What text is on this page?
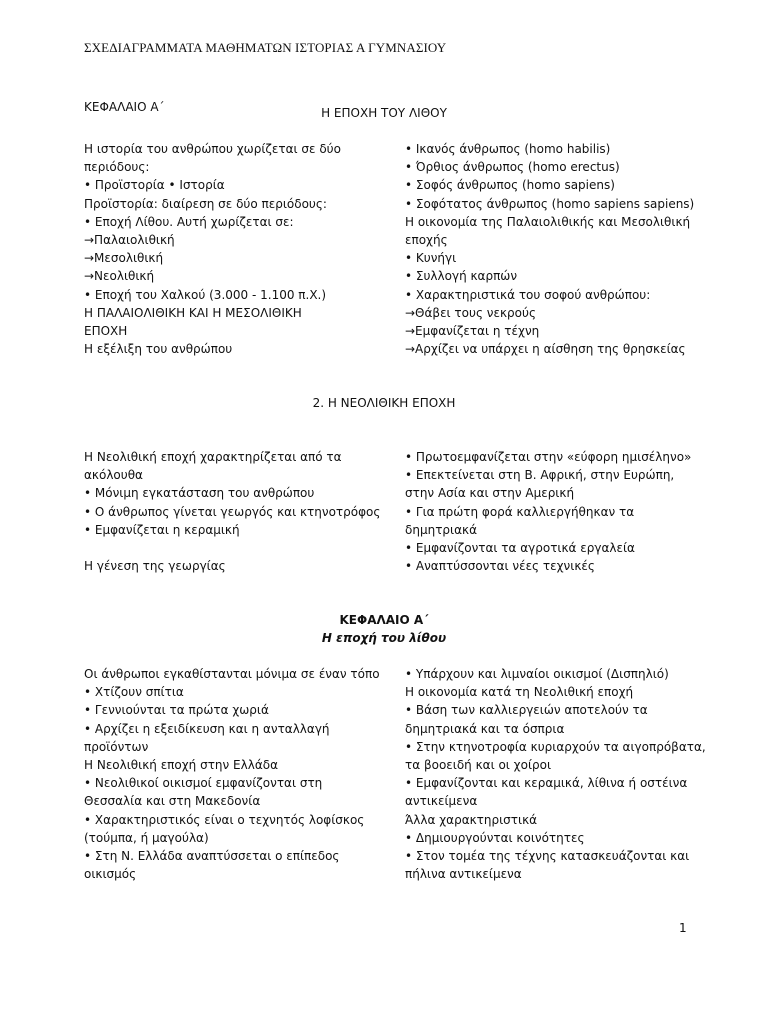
ΣΧΕΔΙΑΓΡΑΜΜΑΤΑ ΜΑΘΗΜΑΤΩΝ ΙΣΤΟΡΙΑΣ Α ΓΥΜΝΑΣΙΟΥ
ΚΕΦΑΛΑΙΟ Α΄	Η ΕΠΟΧΗ ΤΟΥ ΛΙΘΟΥ
Η ιστορία του ανθρώπου χωρίζεται σε δύο
περιόδους:
• Προϊστορία • Ιστορία
Προϊστορία: διαίρεση σε δύο περιόδους:
• Εποχή Λίθου. Αυτή χωρίζεται σε:
→Παλαιολιθική
→Μεσολιθική
→Νεολιθική
• Εποχή του Χαλκού (3.000 - 1.100 π.Χ.)
Η ΠΑΛΑΙΟΛΙΘΙΚΗ ΚΑΙ Η ΜΕΣΟΛΙΘΙΚΗ
ΕΠΟΧΗ
Η εξέλιξη του ανθρώπου
• Ικανός άνθρωπος (homo habilis)
• Όρθιος άνθρωπος (homo erectus)
• Σοφός άνθρωπος (homo sapiens)
• Σοφότατος άνθρωπος (homo sapiens sapiens)
Η οικονομία της Παλαιολιθικής και Μεσολιθική
εποχής
• Κυνήγι
• Συλλογή καρπών
• Χαρακτηριστικά του σοφού ανθρώπου:
→Θάβει τους νεκρούς
→Εμφανίζεται η τέχνη
→Αρχίζει να υπάρχει η αίσθηση της θρησκείας
2. Η ΝΕΟΛΙΘΙΚΗ ΕΠΟΧΗ
Η Νεολιθική εποχή χαρακτηρίζεται από τα
ακόλουθα
• Μόνιμη εγκατάσταση του ανθρώπου
• Ο άνθρωπος γίνεται γεωργός και κτηνοτρόφος
• Εμφανίζεται η κεραμική
Η γένεση της γεωργίας
• Πρωτοεμφανίζεται στην «εύφορη ημισέληνο»
• Επεκτείνεται στη Β. Αφρική, στην Ευρώπη,
στην Ασία και στην Αμερική
• Για πρώτη φορά καλλιεργήθηκαν τα
δημητριακά
• Εμφανίζονται τα αγροτικά εργαλεία
• Αναπτύσσονται νέες τεχνικές
ΚΕΦΑΛΑΙΟ Α΄
Η εποχή του λίθου
Οι άνθρωποι εγκαθίστανται μόνιμα σε έναν τόπο
• Χτίζουν σπίτια
• Γεννιούνται τα πρώτα χωριά
• Αρχίζει η εξειδίκευση και η ανταλλαγή
προϊόντων
Η Νεολιθική εποχή στην Ελλάδα
• Νεολιθικοί οικισμοί εμφανίζονται στη
Θεσσαλία και στη Μακεδονία
• Χαρακτηριστικός είναι ο τεχνητός λοφίσκος
(τούμπα, ή μαγούλα)
• Στη Ν. Ελλάδα αναπτύσσεται ο επίπεδος
οικισμός
• Υπάρχουν και λιμναίοι οικισμοί (Δισπηλιό)
Η οικονομία κατά τη Νεολιθική εποχή
• Βάση των καλλιεργειών αποτελούν τα
δημητριακά και τα όσπρια
• Στην κτηνοτροφία κυριαρχούν τα αιγοπρόβατα,
τα βοοειδή και οι χοίροι
• Εμφανίζονται και κεραμικά, λίθινα ή οστέινα
αντικείμενα
Άλλα χαρακτηριστικά
• Δημιουργούνται κοινότητες
• Στον τομέα της τέχνης κατασκευάζονται και
πήλινα αντικείμενα
1
